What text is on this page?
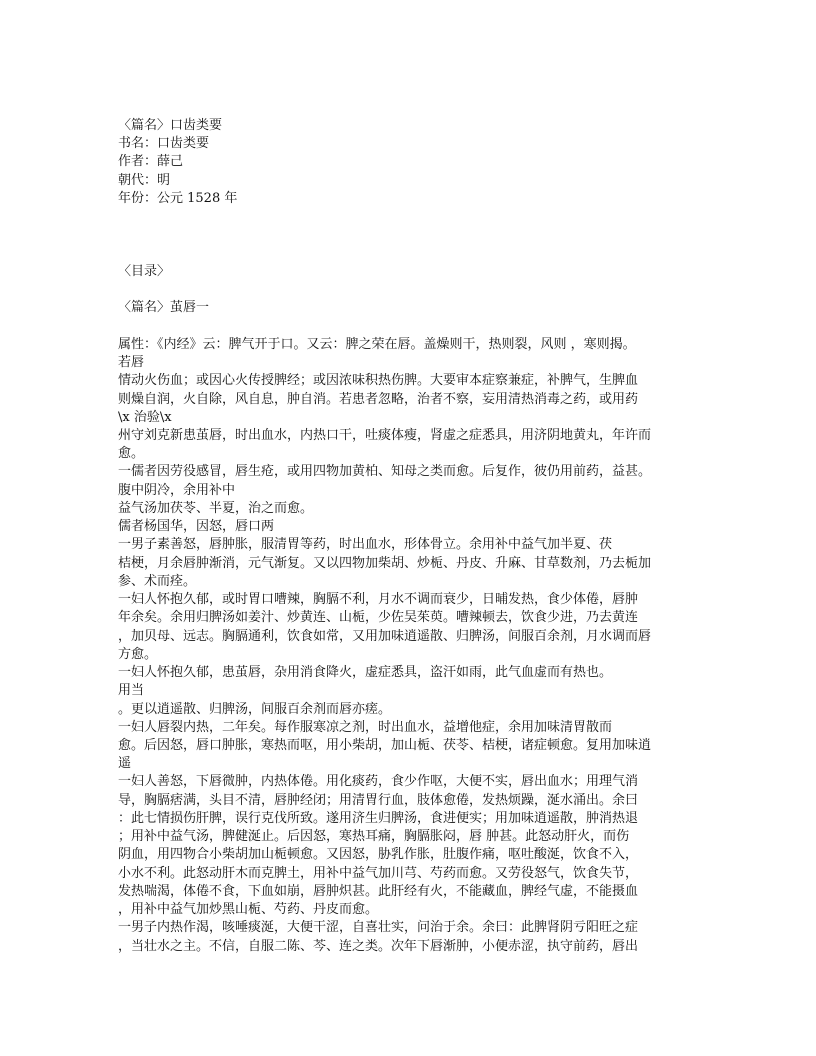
〈篇名〉口齿类要
书名：口齿类要
作者：薛己
朝代：明
年份：公元 1528 年
〈目录〉
〈篇名〉茧唇一
属性：《内经》云：脾气开于口。又云：脾之荣在唇。盖燥则干，热则裂，风则 ，寒则揭。
若唇
情动火伤血；或因心火传授脾经；或因浓味积热伤脾。大要审本症察兼症，补脾气，生脾血
则燥自润，火自除，风自息，肿自消。若患者忽略，治者不察，妄用清热消毒之药，或用药
\x 治验\x
州守刘克新患茧唇，时出血水，内热口干，吐痰体瘦，肾虚之症悉具，用济阴地黄丸，年许而
愈。
一儒者因劳役感冒，唇生疮，或用四物加黄柏、知母之类而愈。后复作，彼仍用前药，益甚。
腹中阴冷，余用补中
益气汤加茯苓、半夏，治之而愈。
儒者杨国华，因怒，唇口两
一男子素善怒，唇肿胀，服清胃等药，时出血水，形体骨立。余用补中益气加半夏、茯
桔梗，月余唇肿渐消，元气渐复。又以四物加柴胡、炒栀、丹皮、升麻、甘草数剂，乃去栀加
参、术而痊。
一妇人怀抱久郁，或时胃口嘈辣，胸膈不利，月水不调而衰少，日晡发热，食少体倦，唇肿
年余矣。余用归脾汤如姜汁、炒黄连、山栀，少佐吴茱萸。嘈辣顿去，饮食少进，乃去黄连
，加贝母、远志。胸膈通利，饮食如常，又用加味逍遥散、归脾汤，间服百余剂，月水调而唇
方愈。
一妇人怀抱久郁，患茧唇，杂用消食降火，虚症悉具，盗汗如雨，此气血虚而有热也。
用当
。更以逍遥散、归脾汤，间服百余剂而唇亦瘥。
一妇人唇裂内热，二年矣。每作服寒凉之剂，时出血水，益增他症，余用加味清胃散而
愈。后因怒，唇口肿胀，寒热而呕，用小柴胡，加山栀、茯苓、桔梗，诸症顿愈。复用加味逍
遥
一妇人善怒，下唇微肿，内热体倦。用化痰药，食少作呕，大便不实，唇出血水；用理气消
导，胸膈痞满，头目不清，唇肿经闭；用清胃行血，肢体愈倦，发热烦躁，涎水涌出。余曰
：此七情损伤肝脾，误行克伐所致。遂用济生归脾汤，食进便实；用加味逍遥散，肿消热退
；用补中益气汤，脾健涎止。后因怒，寒热耳痛，胸膈胀闷，唇 肿甚。此怒动肝火，而伤
阴血，用四物合小柴胡加山栀顿愈。又因怒，胁乳作胀，肚腹作痛，呕吐酸涎，饮食不入，
小水不利。此怒动肝木而克脾土，用补中益气加川芎、芍药而愈。又劳役怒气，饮食失节，
发热喘渴，体倦不食，下血如崩，唇肿炽甚。此肝经有火，不能藏血，脾经气虚，不能摄血
，用补中益气加炒黑山栀、芍药、丹皮而愈。
一男子内热作渴，咳唾痰涎，大便干涩，自喜壮实，问治于余。余曰：此脾肾阴亏阳旺之症
，当壮水之主。不信，自服二陈、芩、连之类。次年下唇渐肿，小便赤涩，执守前药，唇出
